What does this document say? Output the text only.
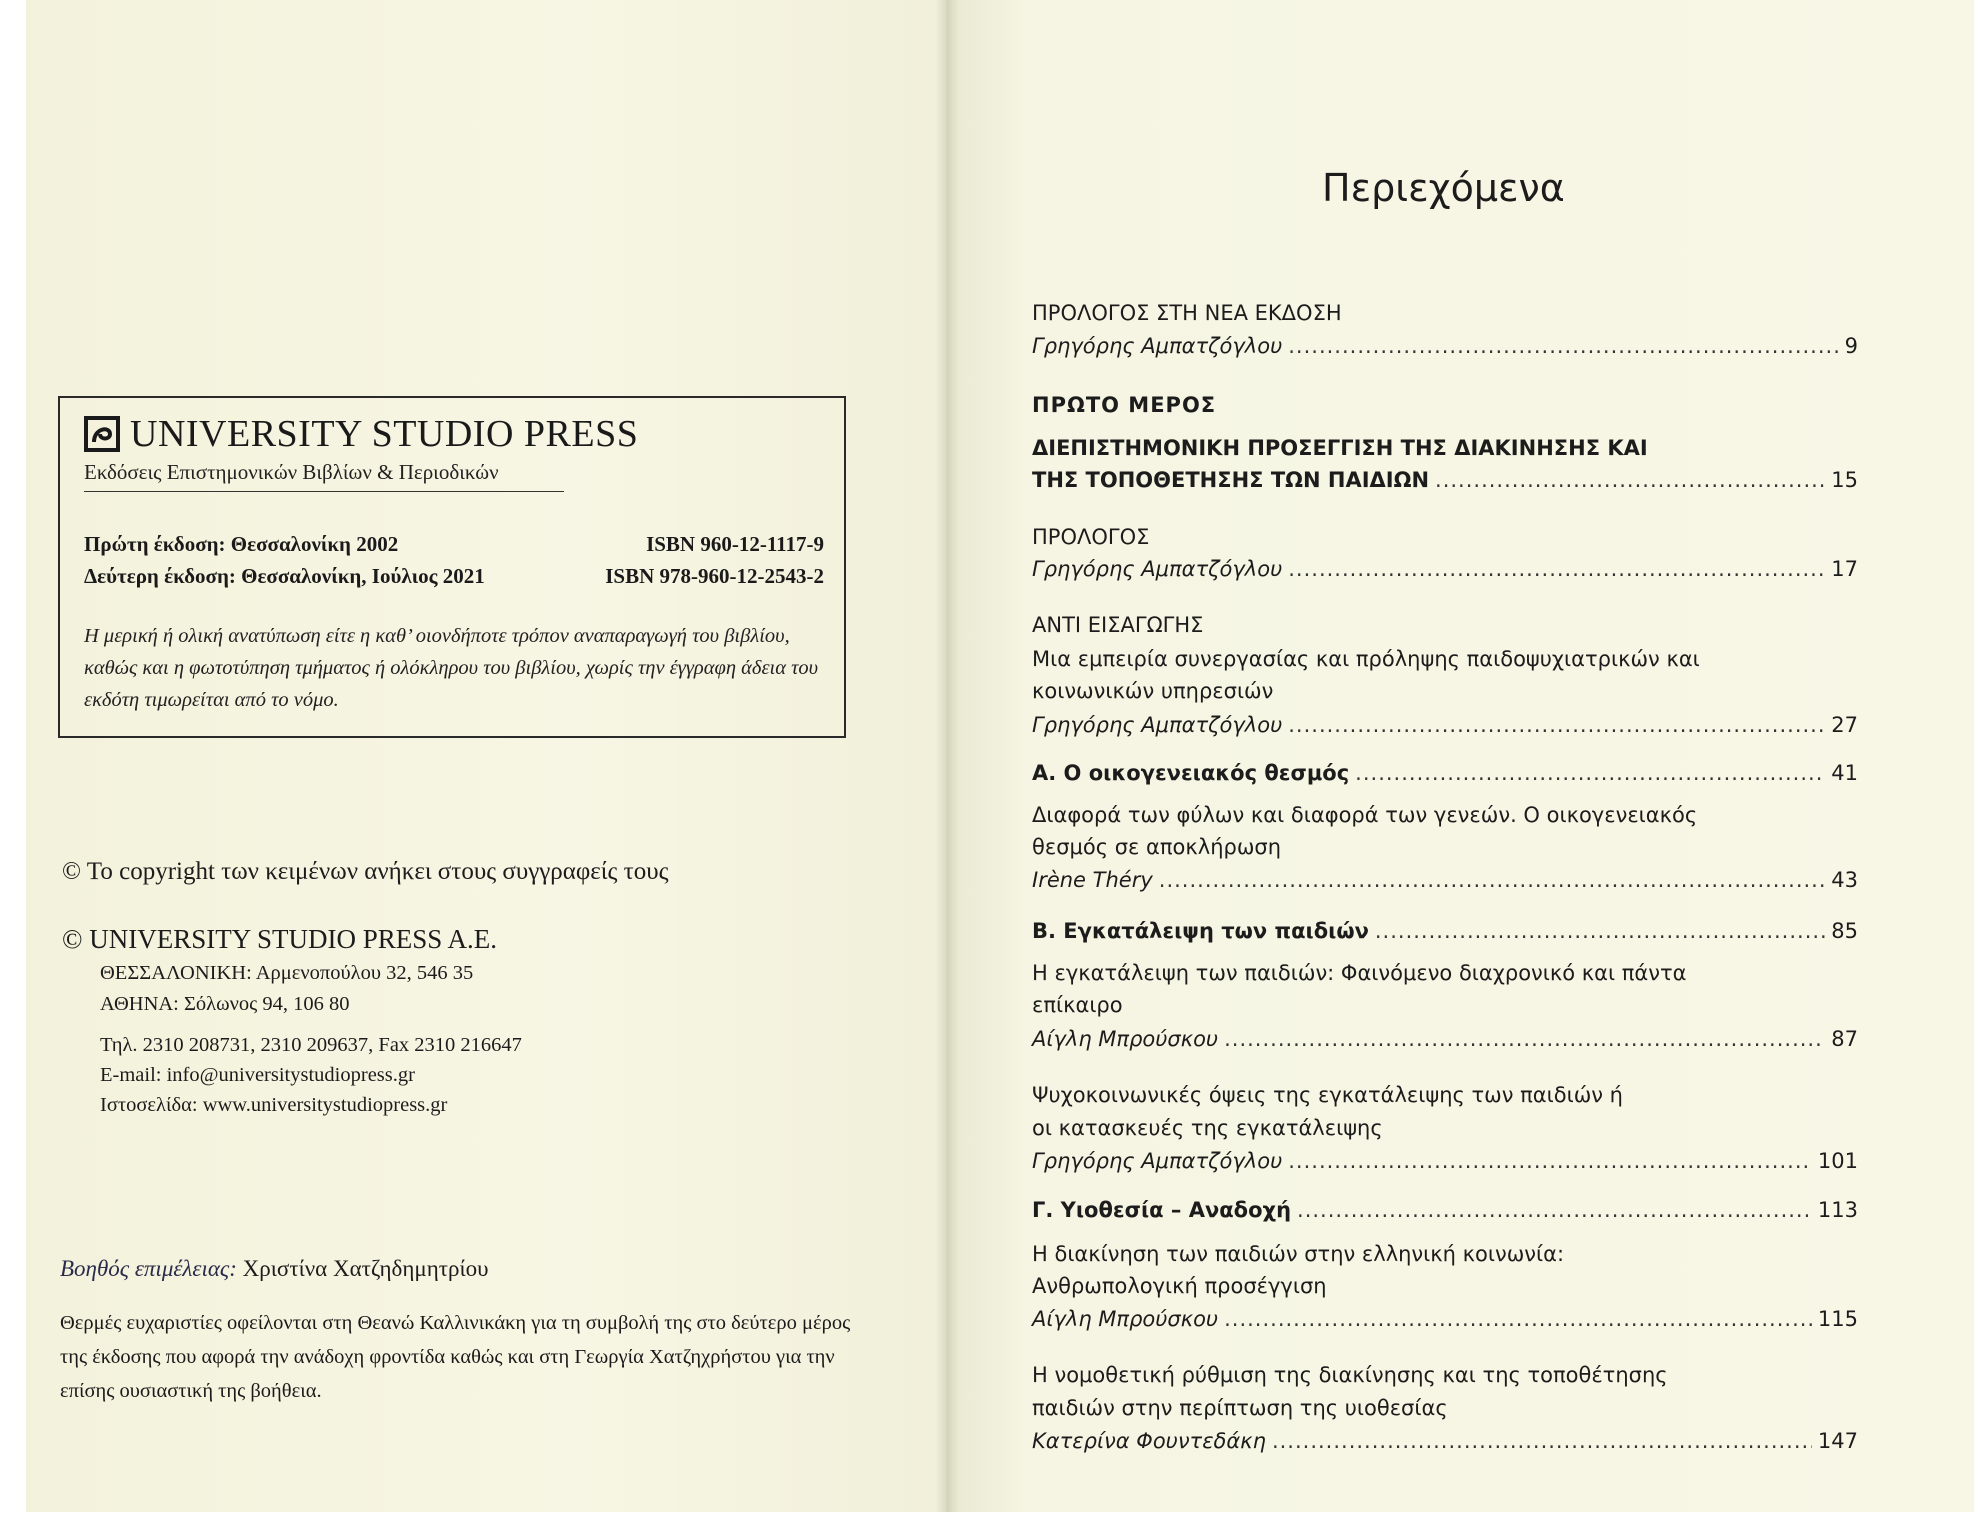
UNIVERSITY STUDIO PRESS
Εκδόσεις Επιστημονικών Βιβλίων & Περιοδικών
Πρώτη έκδοση: Θεσσαλονίκη 2002	ISBN 960-12-1117-9
Δεύτερη έκδοση: Θεσσαλονίκη, Ιούλιος 2021	ISBN 978-960-12-2543-2
Η μερική ή ολική ανατύπωση είτε η καθ’ οιονδήποτε τρόπον αναπαραγωγή του βιβλίου, καθώς και η φωτοτύπηση τμήματος ή ολόκληρου του βιβλίου, χωρίς την έγγραφη άδεια του εκδότη τιμωρείται από το νόμο.
© Το copyright των κειμένων ανήκει στους συγγραφείς τους
© UNIVERSITY STUDIO PRESS A.E.
ΘΕΣΣΑΛΟΝΙΚΗ: Αρμενοπούλου 32, 546 35
ΑΘΗΝΑ: Σόλωνος 94, 106 80
Τηλ. 2310 208731, 2310 209637, Fax 2310 216647
E-mail: info@universitystudiopress.gr
Ιστοσελίδα: www.universitystudiopress.gr
Βοηθός επιμέλειας: Χριστίνα Χατζηδημητρίου
Θερμές ευχαριστίες οφείλονται στη Θεανώ Καλλινικάκη για τη συμβολή της στο δεύτερο μέρος της έκδοσης που αφορά την ανάδοχη φροντίδα καθώς και στη Γεωργία Χατζηχρήστου για την επίσης ουσιαστική της βοήθεια.
Περιεχόμενα
ΠΡΟΛΟΓΟΣ ΣΤΗ ΝΕΑ ΕΚΔΟΣΗ
Γρηγόρης Αμπατζόγλου .....	9
ΠΡΩΤΟ ΜΕΡΟΣ
ΔΙΕΠΙΣΤΗΜΟΝΙΚΗ ΠΡΟΣΕΓΓΙΣΗ ΤΗΣ ΔΙΑΚΙΝΗΣΗΣ ΚΑΙ
ΤΗΣ ΤΟΠΟΘΕΤΗΣΗΣ ΤΩΝ ΠΑΙΔΙΩΝ .....	15
ΠΡΟΛΟΓΟΣ
Γρηγόρης Αμπατζόγλου .....	17
ΑΝΤΙ ΕΙΣΑΓΩΓΗΣ
Μια εμπειρία συνεργασίας και πρόληψης παιδοψυχιατρικών και
κοινωνικών υπηρεσιών
Γρηγόρης Αμπατζόγλου .....	27
Α. Ο οικογενειακός θεσμός .....	41
Διαφορά των φύλων και διαφορά των γενεών. Ο οικογενειακός
θεσμός σε αποκλήρωση
Irène Théry .....	43
Β. Εγκατάλειψη των παιδιών .....	85
Η εγκατάλειψη των παιδιών: Φαινόμενο διαχρονικό και πάντα
επίκαιρο
Αίγλη Μπρούσκου .....	87
Ψυχοκοινωνικές όψεις της εγκατάλειψης των παιδιών ή
οι κατασκευές της εγκατάλειψης
Γρηγόρης Αμπατζόγλου .....	101
Γ. Υιοθεσία – Αναδοχή .....	113
Η διακίνηση των παιδιών στην ελληνική κοινωνία:
Ανθρωπολογική προσέγγιση
Αίγλη Μπρούσκου .....	115
Η νομοθετική ρύθμιση της διακίνησης και της τοποθέτησης
παιδιών στην περίπτωση της υιοθεσίας
Κατερίνα Φουντεδάκη .....	147
